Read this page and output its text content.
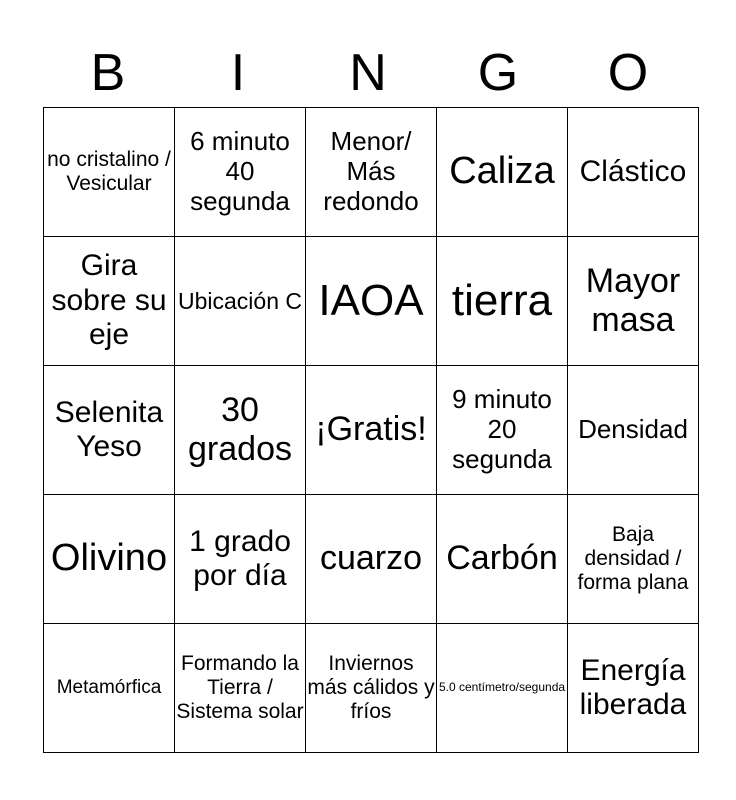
B	I	N	G	O
no cristalino / Vesicular	6 minuto 40 segunda	Menor/ Más redondo	Caliza	Clástico
Gira sobre su eje	Ubicación C	IAOA	tierra	Mayor masa
Selenita Yeso	30 grados	¡Gratis!	9 minuto 20 segunda	Densidad
Olivino	1 grado por día	cuarzo	Carbón	Baja densidad / forma plana
Metamórfica	Formando la Tierra / Sistema solar	Inviernos más cálidos y fríos	5.0 centímetro/segunda	Energía liberada
